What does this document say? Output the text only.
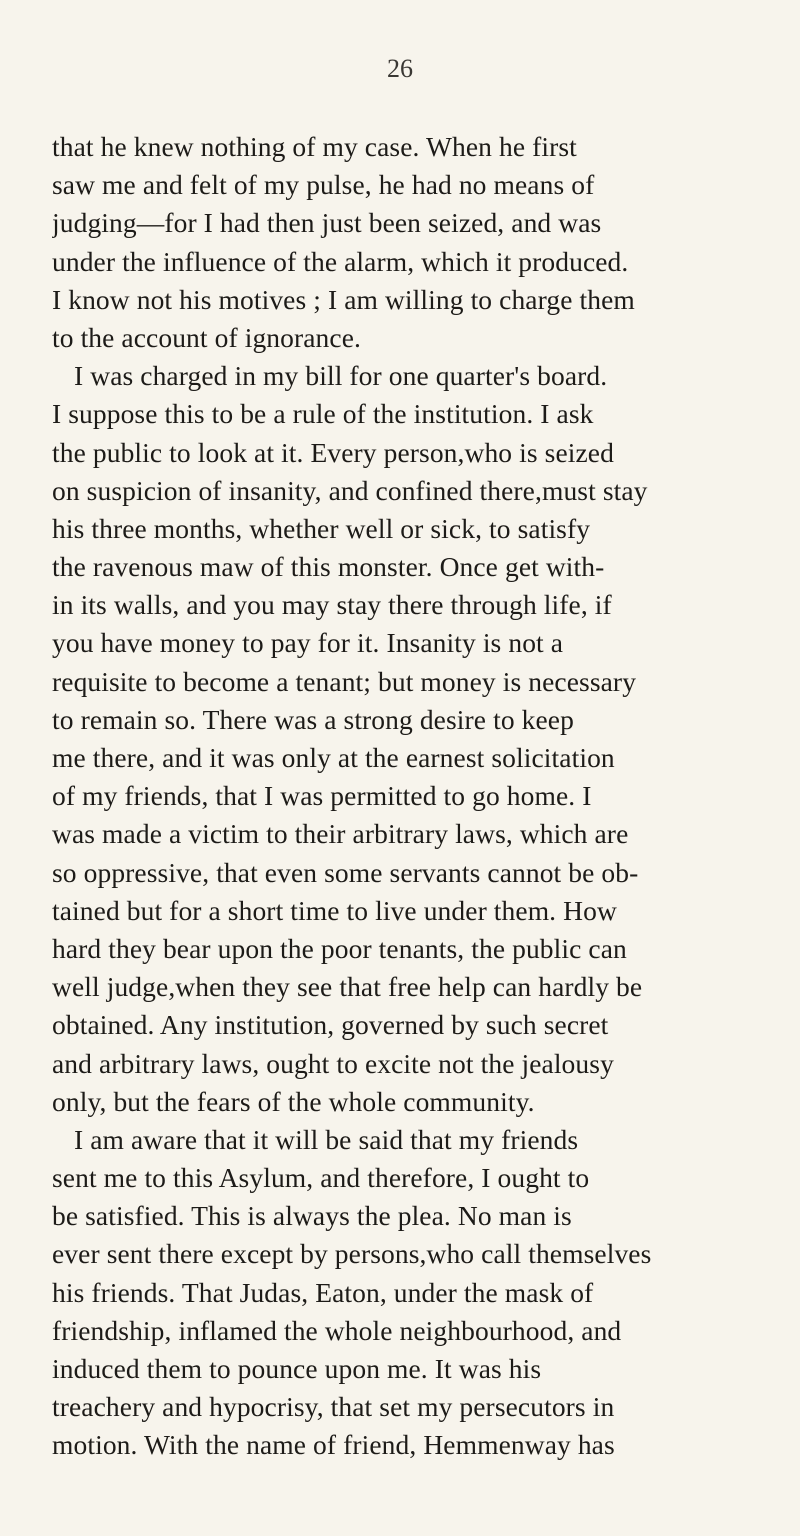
26
that he knew nothing of my case. When he first
saw me and felt of my pulse, he had no means of
judging—for I had then just been seized, and was
under the influence of the alarm, which it produced.
I know not his motives ; I am willing to charge them
to the account of ignorance.
I was charged in my bill for one quarter's board.
I suppose this to be a rule of the institution. I ask
the public to look at it. Every person,who is seized
on suspicion of insanity, and confined there,must stay
his three months, whether well or sick, to satisfy
the ravenous maw of this monster. Once get with-
in its walls, and you may stay there through life, if
you have money to pay for it. Insanity is not a
requisite to become a tenant; but money is necessary
to remain so. There was a strong desire to keep
me there, and it was only at the earnest solicitation
of my friends, that I was permitted to go home. I
was made a victim to their arbitrary laws, which are
so oppressive, that even some servants cannot be ob-
tained but for a short time to live under them. How
hard they bear upon the poor tenants, the public can
well judge,when they see that free help can hardly be
obtained. Any institution, governed by such secret
and arbitrary laws, ought to excite not the jealousy
only, but the fears of the whole community.
I am aware that it will be said that my friends
sent me to this Asylum, and therefore, I ought to
be satisfied. This is always the plea. No man is
ever sent there except by persons,who call themselves
his friends. That Judas, Eaton, under the mask of
friendship, inflamed the whole neighbourhood, and
induced them to pounce upon me. It was his
treachery and hypocrisy, that set my persecutors in
motion. With the name of friend, Hemmenway has
